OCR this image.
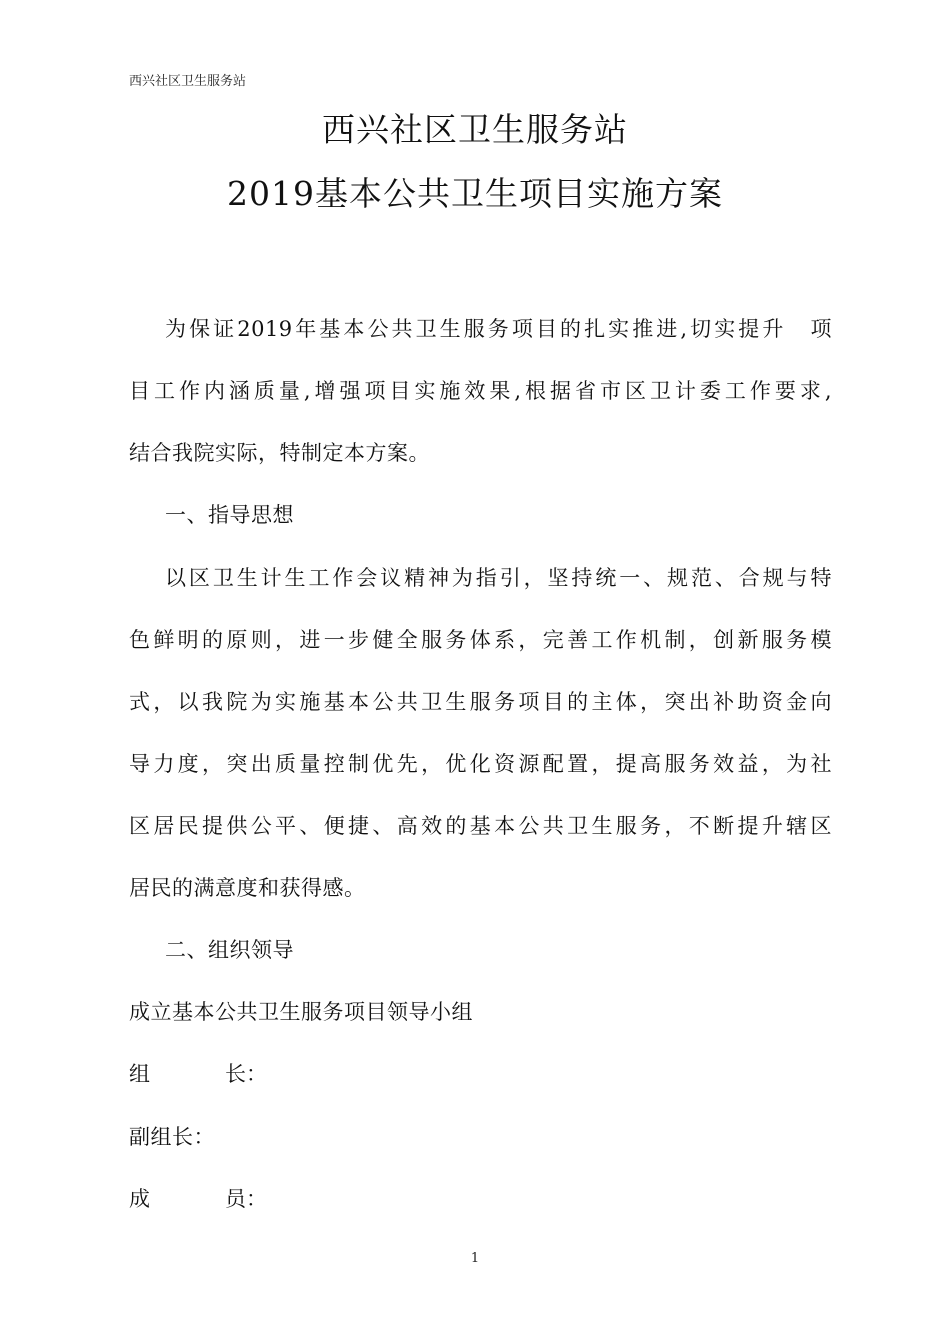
西兴社区卫生服务站
西兴社区卫生服务站
2019基本公共卫生项目实施方案
为保证2019年基本公共卫生服务项目的扎实推进,切实提升　项
目工作内涵质量,增强项目实施效果,根据省市区卫计委工作要求,
结合我院实际，特制定本方案。
一、指导思想
以区卫生计生工作会议精神为指引，坚持统一、规范、合规与特
色鲜明的原则，进一步健全服务体系，完善工作机制，创新服务模
式，以我院为实施基本公共卫生服务项目的主体，突出补助资金向
导力度，突出质量控制优先，优化资源配置，提高服务效益，为社
区居民提供公平、便捷、高效的基本公共卫生服务，不断提升辖区
居民的满意度和获得感。
二、组织领导
成立基本公共卫生服务项目领导小组
组	长：
副组长：
成	员：
1
